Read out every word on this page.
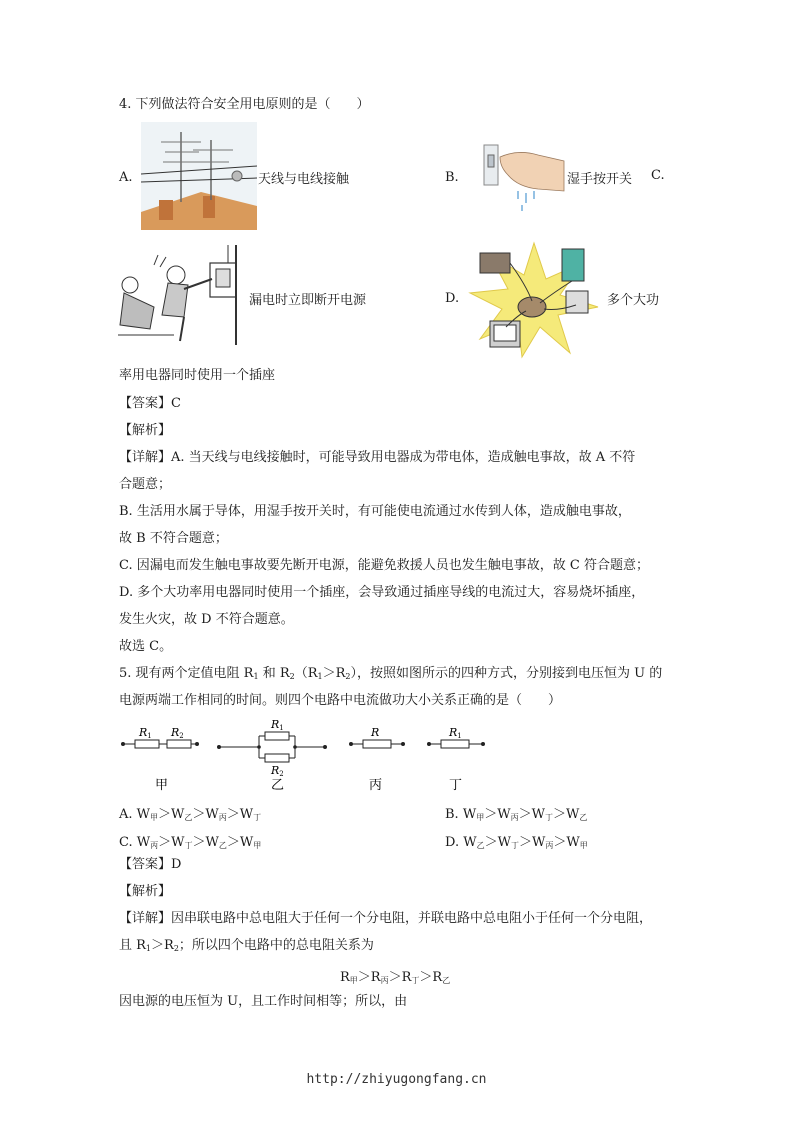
4. 下列做法符合安全用电原则的是（　　）
A.	天线与电线接触	B.	湿手按开关 C.
漏电时立即断开电源	D.	多个大功
率用电器同时使用一个插座
【答案】C
【解析】
【详解】A. 当天线与电线接触时，可能导致用电器成为带电体，造成触电事故，故 A 不符
合题意；
B. 生活用水属于导体，用湿手按开关时，有可能使电流通过水传到人体，造成触电事故，
故 B 不符合题意；
C. 因漏电而发生触电事故要先断开电源，能避免救援人员也发生触电事故，故 C 符合题意；
D. 多个大功率用电器同时使用一个插座，会导致通过插座导线的电流过大，容易烧坏插座，
发生火灾，故 D 不符合题意。
故选 C。
5. 现有两个定值电阻 $R_1$ 和 $R_2(R_1>R_2)$，按照如图所示的四种方式，分别接到电压恒为 U 的
电源两端工作相同的时间。则四个电路中电流做功大小关系正确的是（　　）
R1 R2
甲
R1
R2
乙
R
丙
R1
丁
A. $W_甲>W_乙>W_丙>W_丁$	B. $W_甲>W_丙>W_丁>W_乙$
C. $W_丙>W_丁>W_乙>W_甲$	D. $W_乙>W_丁>W_丙>W_甲$
【答案】D
【解析】
【详解】因串联电路中总电阻大于任何一个分电阻，并联电路中总电阻小于任何一个分电阻，
且 $R_1>R_2$；所以四个电路中的总电阻关系为
$R_甲>R_丙>R_丁>R_乙$
因电源的电压恒为 U，且工作时间相等；所以，由
http://zhiyugongfang.cn
